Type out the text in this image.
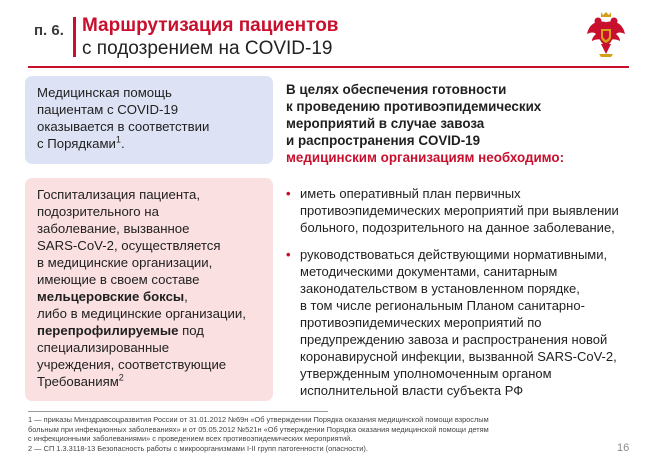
п. 6. Маршрутизация пациентов
с подозрением на COVID-19
Медицинская помощь
пациентам с COVID-19
оказывается в соответствии
с Порядками$^1$.
Госпитализация пациента,
подозрительного на
заболевание, вызванное
SARS-CoV-2, осуществляется
в медицинские организации,
имеющие в своем составе
мельцеровские боксы,
либо в медицинские организации,
перепрофилируемые под
специализированные
учреждения, соответствующие
Требованиям$^2$
В целях обеспечения готовности
к проведению противоэпидемических
мероприятий в случае завоза
и распространения COVID-19
медицинским организациям необходимо:
• иметь оперативный план первичных
противоэпидемических мероприятий при выявлении
больного, подозрительного на данное заболевание,
• руководствоваться действующими нормативными,
методическими документами, санитарным
законодательством в установленном порядке,
в том числе региональным Планом санитарно-
противоэпидемических мероприятий по
предупреждению завоза и распространения новой
коронавирусной инфекции, вызванной SARS-CoV-2,
утвержденным уполномоченным органом
исполнительной власти субъекта РФ

1 — приказы Минздравсоцразвития России от 31.01.2012 №69н «Об утверждении Порядка оказания медицинской помощи взрослым

больным при инфекционных заболеваниях» и от 05.05.2012 №521н «Об утверждении Порядка оказания медицинской помощи детям

с инфекционными заболеваниями» с проведением всех противоэпидемических мероприятий.

2 — СП 1.3.3118-13 Безопасность работы с микроорганизмами I-II групп патогенности (опасности).	16
